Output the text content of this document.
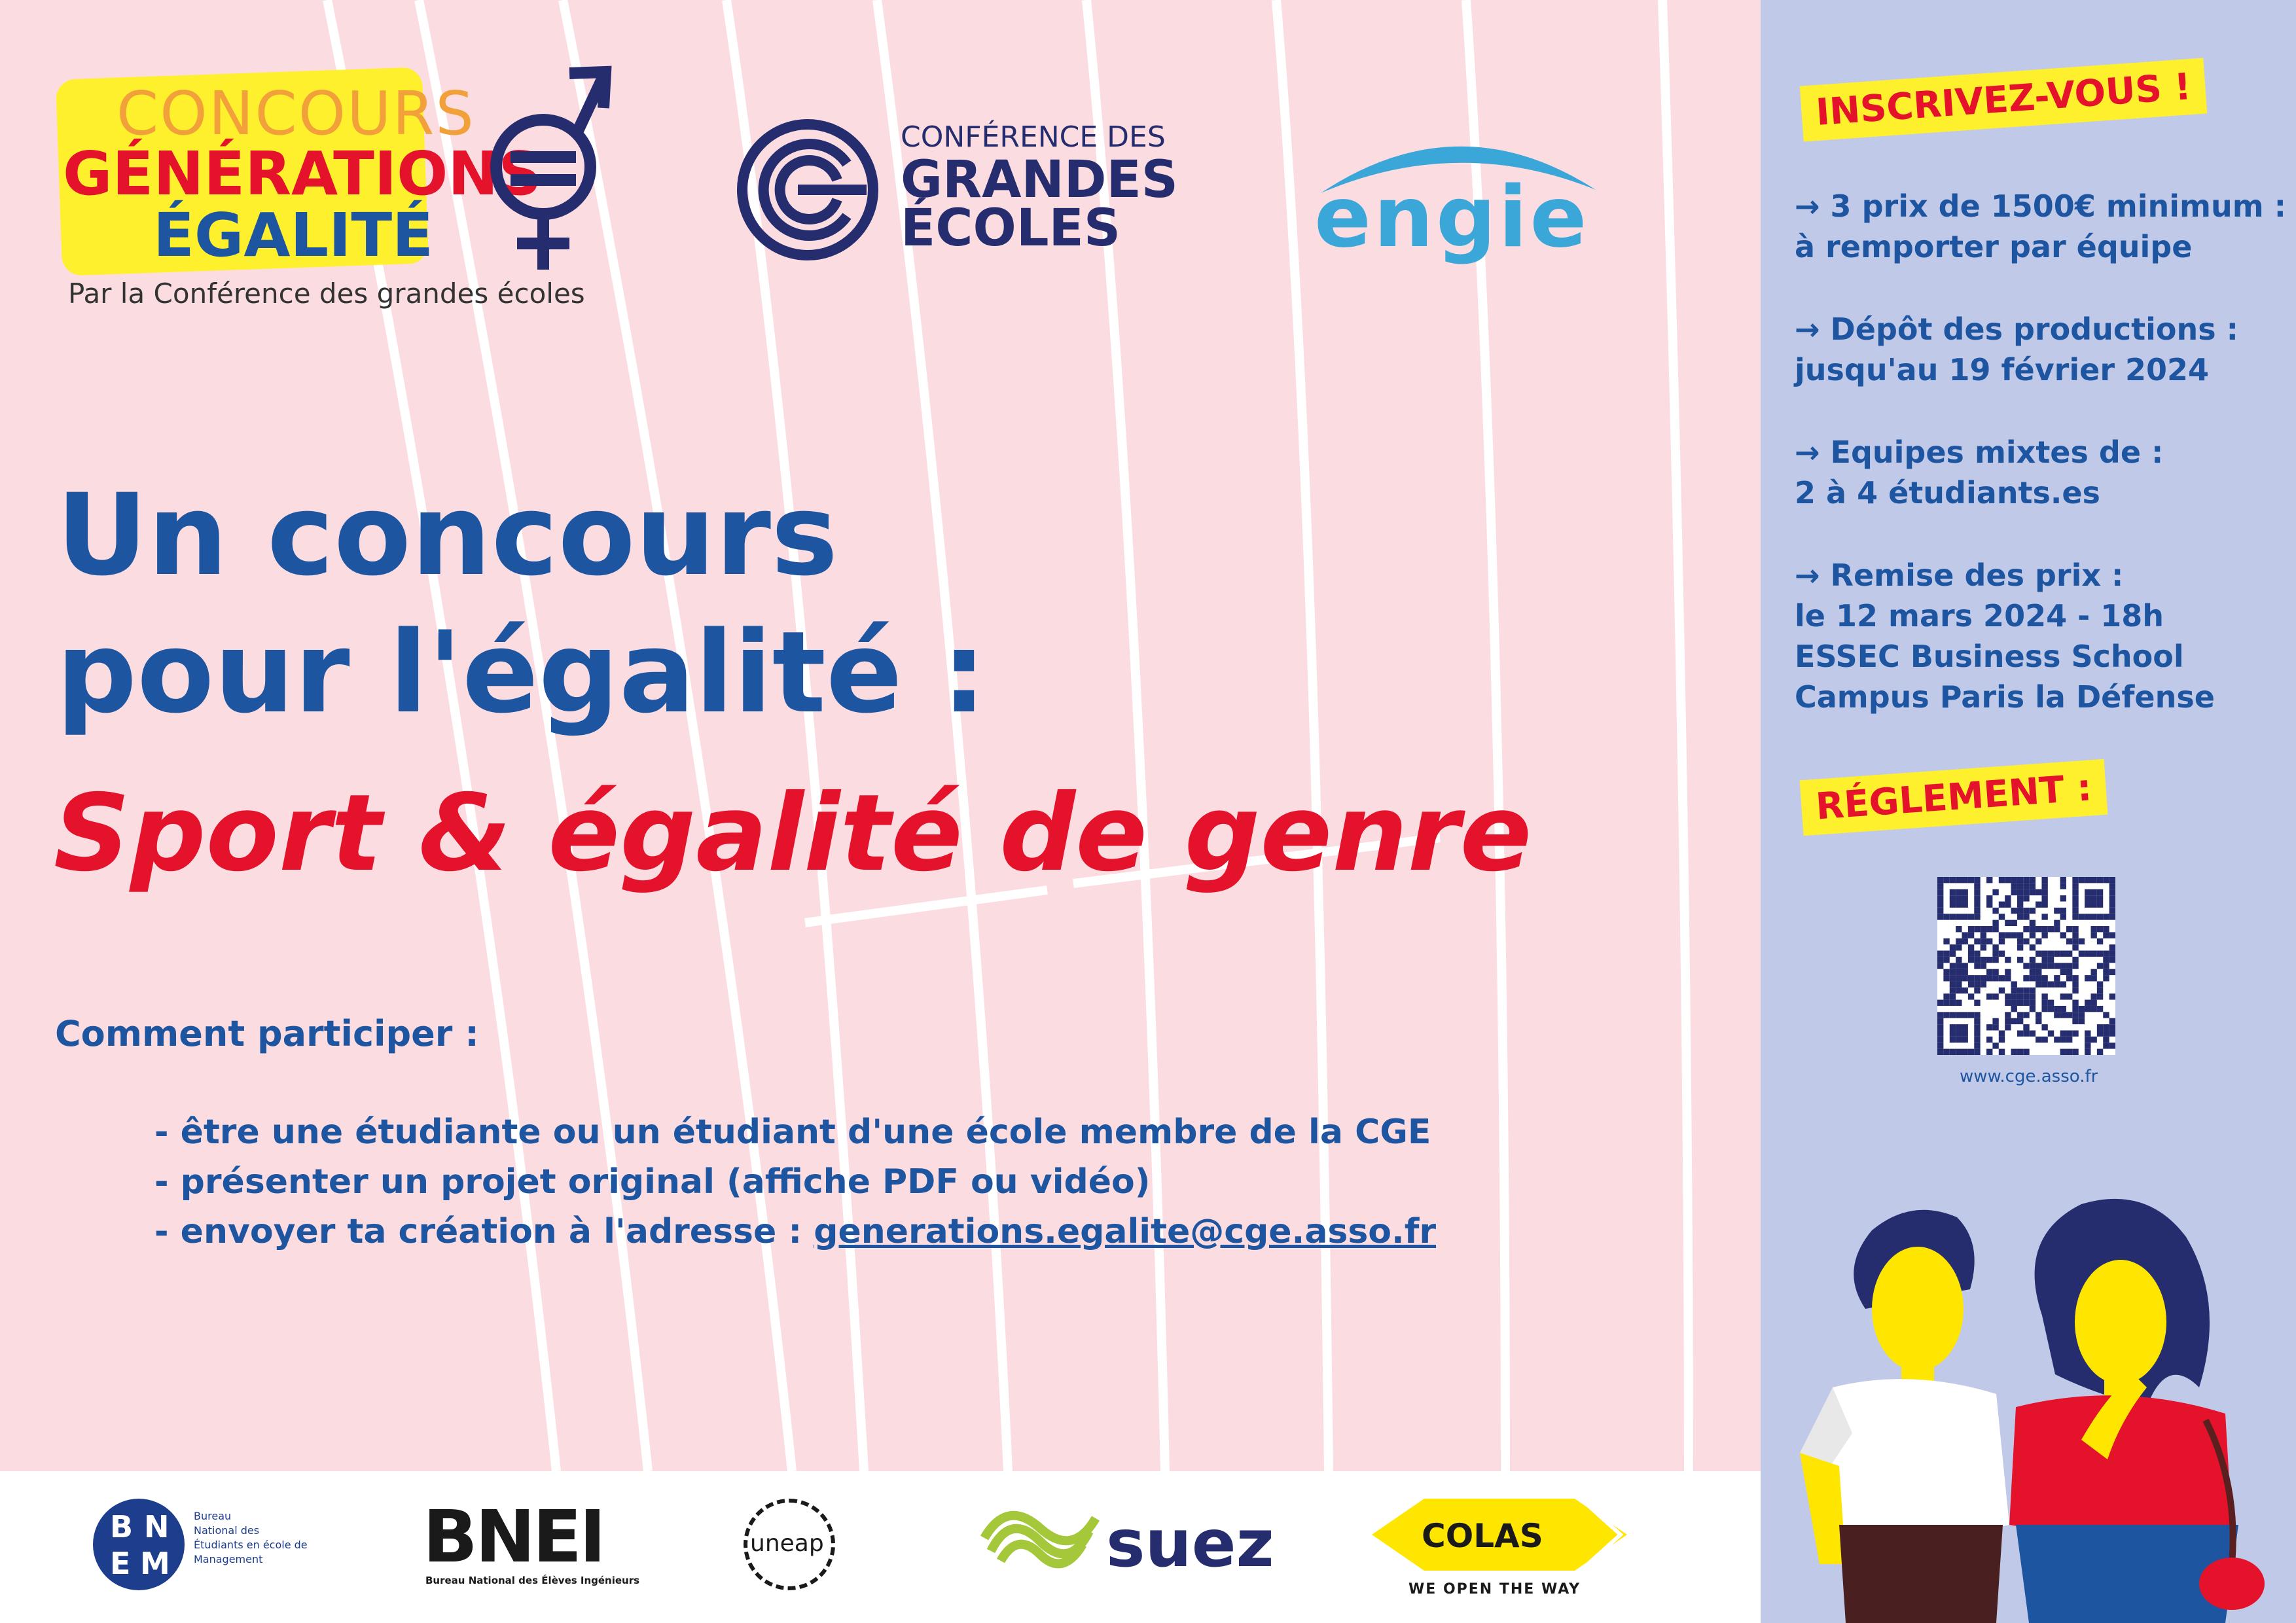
CONCOURS
GÉNÉRATIONS
ÉGALITÉ
Par la Conférence des grandes écoles
CONFÉRENCE DES
GRANDES
ÉCOLES engie
Un concours
pour l'égalité :
Sport & égalité de genre
Comment participer :
- être une étudiante ou un étudiant d'une école membre de la CGE
- présenter un projet original (affiche PDF ou vidéo)
- envoyer ta création à l'adresse : generations.egalite@cge.asso.fr
INSCRIVEZ-VOUS !
→ 3 prix de 1500€ minimum :
à remporter par équipe
→ Dépôt des productions :
jusqu'au 19 février 2024
→ Equipes mixtes de :
2 à 4 étudiants.es
→ Remise des prix :
le 12 mars 2024 - 18h
ESSEC Business School
Campus Paris la Défense
RÉGLEMENT :
www.cge.asso.fr
B N
E M
Bureau
National des
Étudiants en école de
Management	BNEI
Bureau National des Élèves Ingénieurs
uneap	suez	COLAS
WE OPEN THE WAY
